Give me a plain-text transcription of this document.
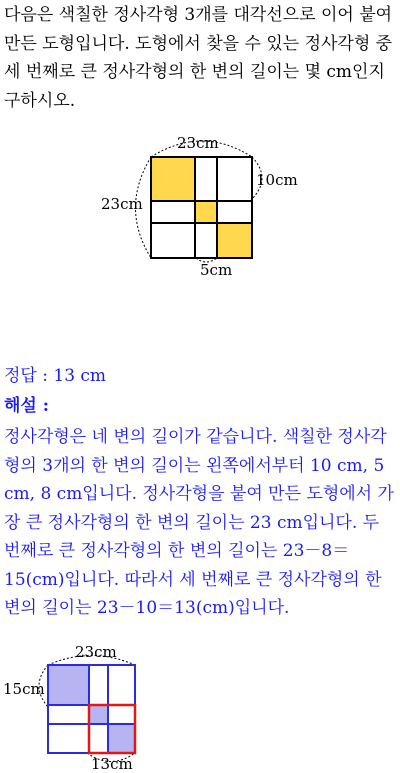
다음은 색칠한 정사각형 3개를 대각선으로 이어 붙여 만든 도형입니다. 도형에서 찾을 수 있는 정사각형 중 세 번째로 큰 정사각형의 한 변의 길이는 몇 cm인지 구하시오.

23cm
10cm
23cm
5cm

정답 : 13 cm

해설 :

정사각형은 네 변의 길이가 같습니다. 색칠한 정사각형의 3개의 한 변의 길이는 왼쪽에서부터 10 cm, 5 cm, 8 cm입니다. 정사각형을 붙여 만든 도형에서 가장 큰 정사각형의 한 변의 길이는 23 cm입니다. 두 번째로 큰 정사각형의 한 변의 길이는 23－8＝15(cm)입니다. 따라서 세 번째로 큰 정사각형의 한 변의 길이는 23－10＝13(cm)입니다.

23cm
15cm
13cm
